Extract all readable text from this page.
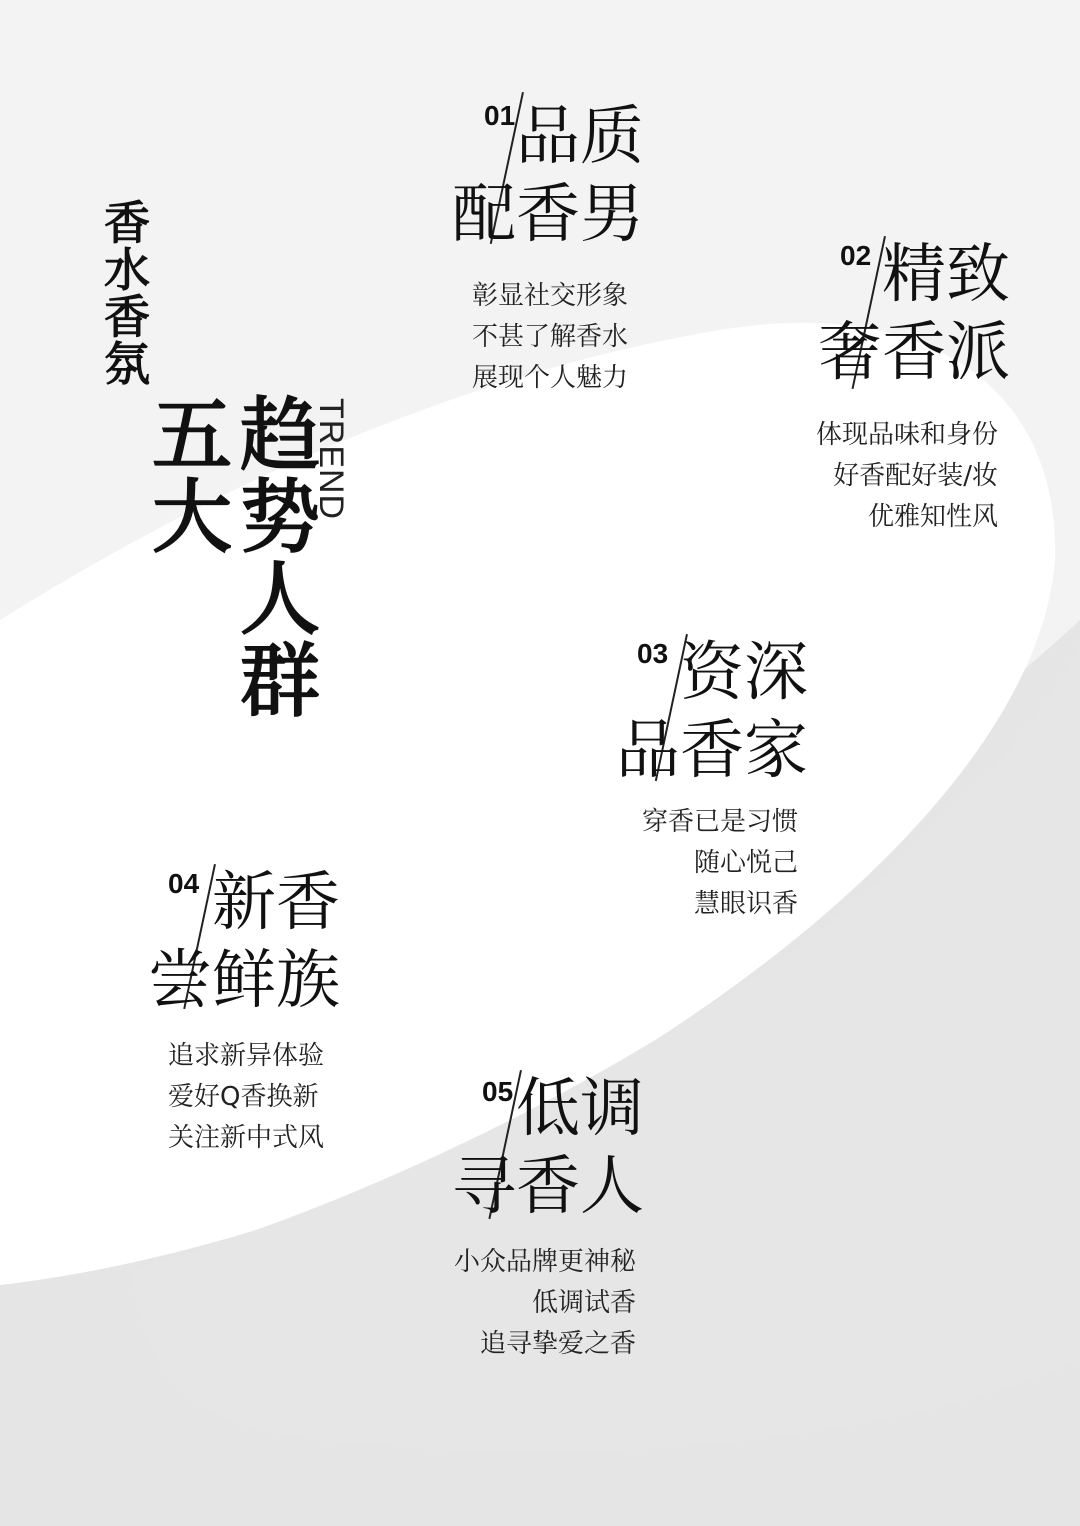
香
水
香
氛
五
大
趋
势
人
群
TREND
01 品质
配香男
彰显社交形象
不甚了解香水
展现个人魅力
02 精致
奢香派
体现品味和身份
好香配好装/妆
优雅知性风
03 资深
品香家
穿香已是习惯
随心悦己
慧眼识香
04 新香
尝鲜族
追求新异体验
爱好Q香换新
关注新中式风
05 低调
寻香人
小众品牌更神秘
低调试香
追寻挚爱之香
